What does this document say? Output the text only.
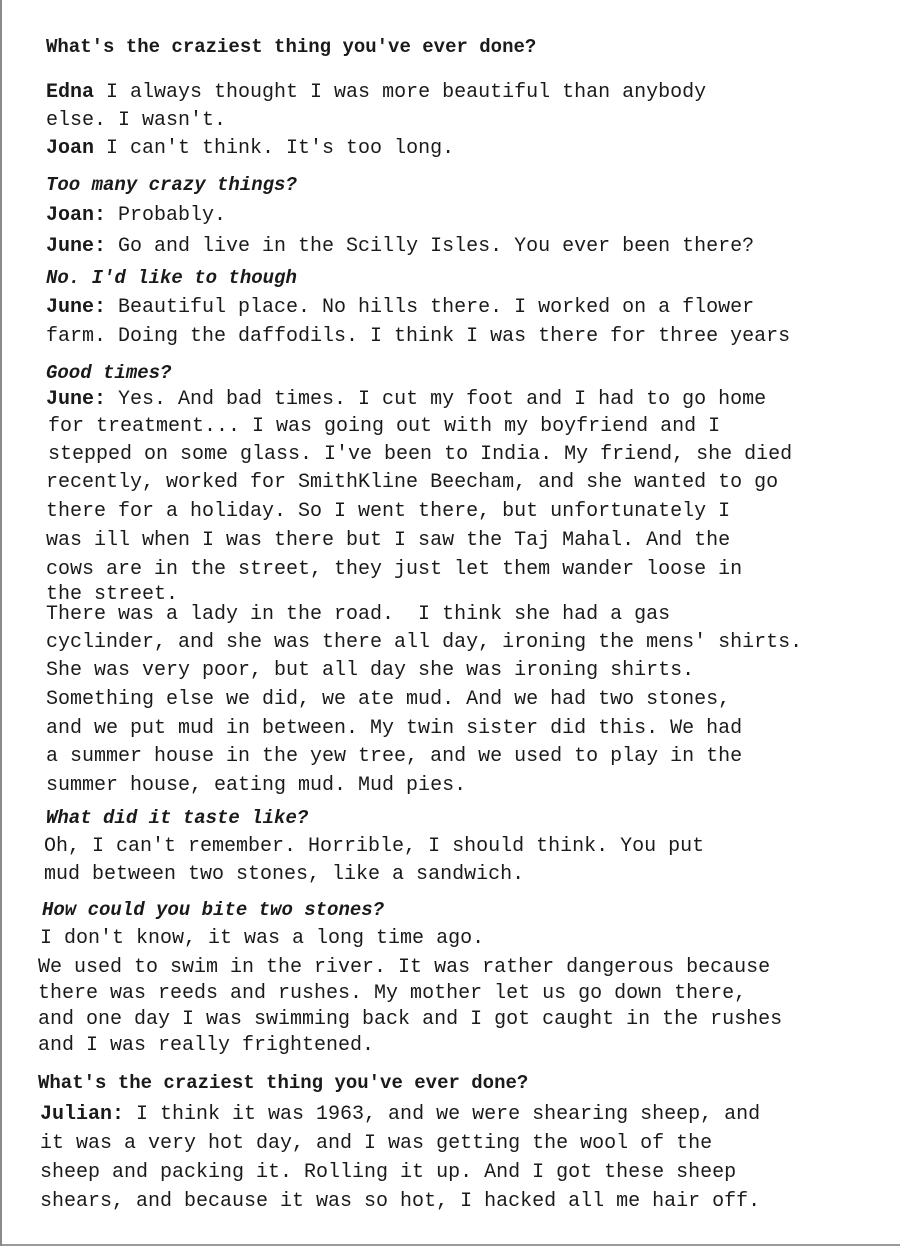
What's the craziest thing you've ever done?
Edna I always thought I was more beautiful than anybody
else. I wasn't.
Joan I can't think. It's too long.
Too many crazy things?
Joan: Probably.
June: Go and live in the Scilly Isles. You ever been there?
No. I'd like to though
June: Beautiful place. No hills there. I worked on a flower
farm. Doing the daffodils. I think I was there for three years
Good times?
June: Yes. And bad times. I cut my foot and I had to go home
for treatment... I was going out with my boyfriend and I
stepped on some glass. I've been to India. My friend, she died
recently, worked for SmithKline Beecham, and she wanted to go
there for a holiday. So I went there, but unfortunately I
was ill when I was there but I saw the Taj Mahal. And the
cows are in the street, they just let them wander loose in
the street.
There was a lady in the road.  I think she had a gas
cyclinder, and she was there all day, ironing the mens' shirts.
She was very poor, but all day she was ironing shirts.
Something else we did, we ate mud. And we had two stones,
and we put mud in between. My twin sister did this. We had
a summer house in the yew tree, and we used to play in the
summer house, eating mud. Mud pies.
What did it taste like?
Oh, I can't remember. Horrible, I should think. You put
mud between two stones, like a sandwich.
How could you bite two stones?
I don't know, it was a long time ago.
We used to swim in the river. It was rather dangerous because
there was reeds and rushes. My mother let us go down there,
and one day I was swimming back and I got caught in the rushes
and I was really frightened.
What's the craziest thing you've ever done?
Julian: I think it was 1963, and we were shearing sheep, and
it was a very hot day, and I was getting the wool of the
sheep and packing it. Rolling it up. And I got these sheep
shears, and because it was so hot, I hacked all me hair off.
